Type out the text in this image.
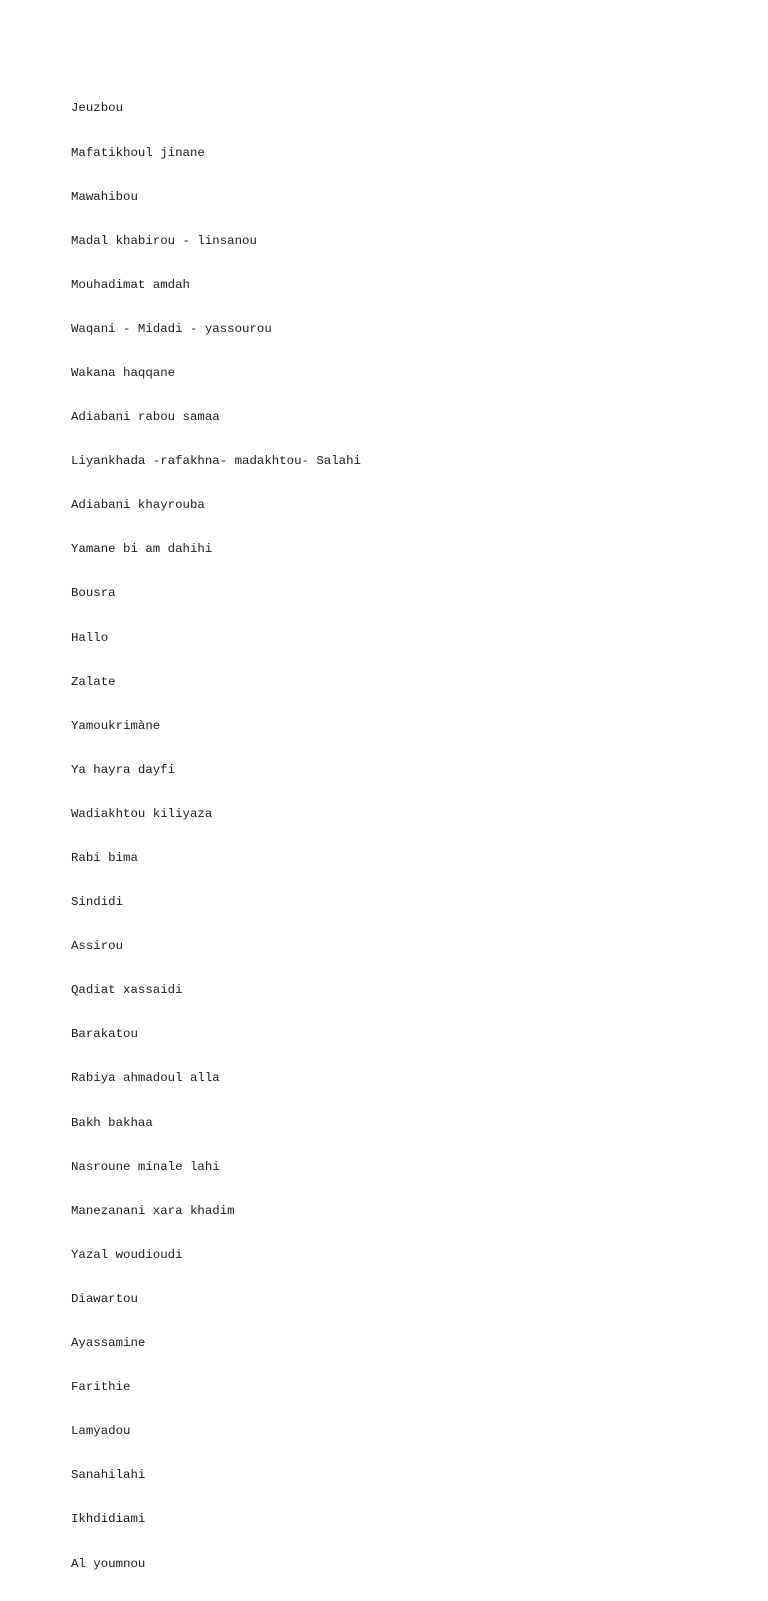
Jeuzbou

Mafatikhoul jinane

Mawahibou

Madal khabirou - linsanou

Mouhadimat amdah

Waqani - Midadi - yassourou

Wakana haqqane

Adiabani rabou samaa

Liyankhada -rafakhna- madakhtou- Salahi

Adiabani khayrouba

Yamane bi am dahihi

Bousra

Hallo

Zalate

Yamoukrimàne

Ya hayra dayfi

Wadiakhtou kiliyaza

Rabi bima

Sindidi

Assirou

Qadiat xassaidi

Barakatou

Rabiya ahmadoul alla

Bakh bakhaa

Nasroune minale lahi

Manezanani xara khadim

Yazal woudioudi

Diawartou

Ayassamine

Farithie

Lamyadou

Sanahilahi

Ikhdidiami

Al youmnou
